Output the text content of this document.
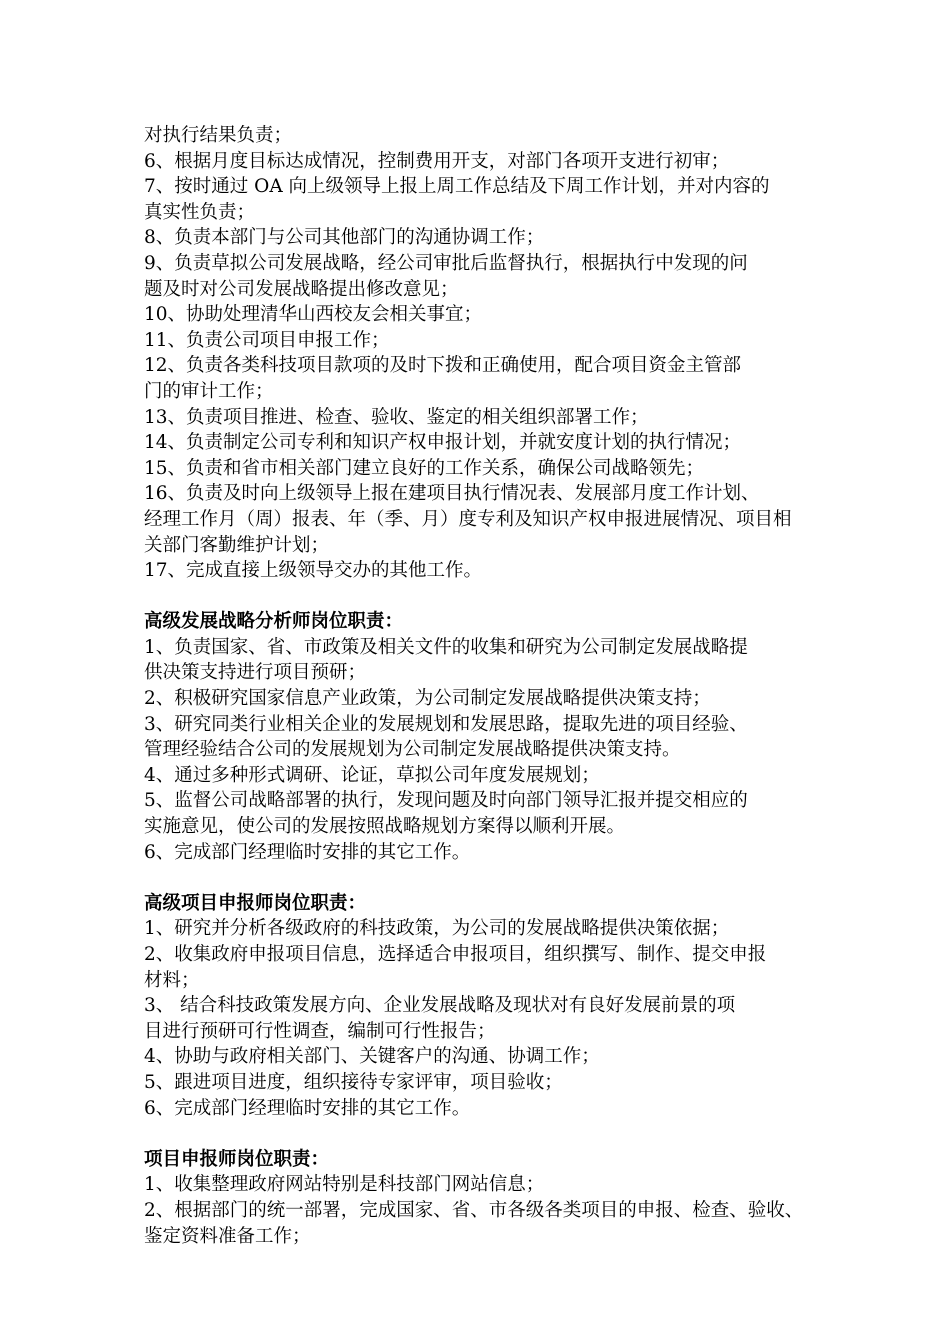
对执行结果负责；

6、根据月度目标达成情况，控制费用开支，对部门各项开支进行初审；

7、按时通过 OA 向上级领导上报上周工作总结及下周工作计划，并对内容的

真实性负责；

8、负责本部门与公司其他部门的沟通协调工作；

9、负责草拟公司发展战略，经公司审批后监督执行，根据执行中发现的问

题及时对公司发展战略提出修改意见；

10、协助处理清华山西校友会相关事宜；

11、负责公司项目申报工作；

12、负责各类科技项目款项的及时下拨和正确使用，配合项目资金主管部

门的审计工作；

13、负责项目推进、检查、验收、鉴定的相关组织部署工作；

14、负责制定公司专利和知识产权申报计划，并就安度计划的执行情况；

15、负责和省市相关部门建立良好的工作关系，确保公司战略领先；

16、负责及时向上级领导上报在建项目执行情况表、发展部月度工作计划、

经理工作月（周）报表、年（季、月）度专利及知识产权申报进展情况、项目相

关部门客勤维护计划；

17、完成直接上级领导交办的其他工作。

高级发展战略分析师岗位职责：

1、负责国家、省、市政策及相关文件的收集和研究为公司制定发展战略提

供决策支持进行项目预研；

2、积极研究国家信息产业政策，为公司制定发展战略提供决策支持；

3、研究同类行业相关企业的发展规划和发展思路，提取先进的项目经验、

管理经验结合公司的发展规划为公司制定发展战略提供决策支持。

4、通过多种形式调研、论证，草拟公司年度发展规划；

5、监督公司战略部署的执行，发现问题及时向部门领导汇报并提交相应的

实施意见，使公司的发展按照战略规划方案得以顺利开展。

6、完成部门经理临时安排的其它工作。

高级项目申报师岗位职责：

1、研究并分析各级政府的科技政策，为公司的发展战略提供决策依据；

2、收集政府申报项目信息，选择适合申报项目，组织撰写、制作、提交申报

材料；

3、 结合科技政策发展方向、企业发展战略及现状对有良好发展前景的项

目进行预研可行性调查，编制可行性报告；

4、协助与政府相关部门、关键客户的沟通、协调工作；

5、跟进项目进度，组织接待专家评审，项目验收；

6、完成部门经理临时安排的其它工作。

项目申报师岗位职责：

1、收集整理政府网站特别是科技部门网站信息；

2、根据部门的统一部署，完成国家、省、市各级各类项目的申报、检查、验收、

鉴定资料准备工作；
